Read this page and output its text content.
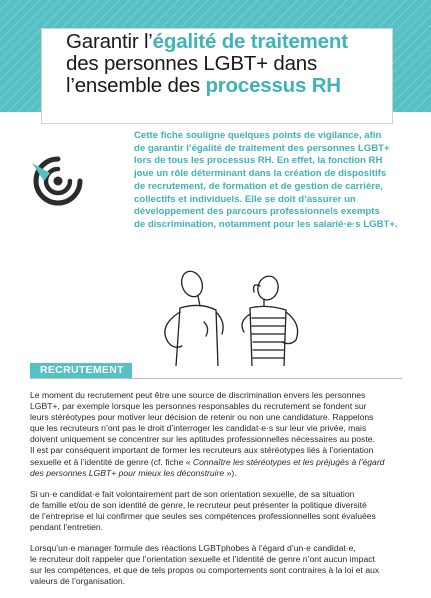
Garantir l’égalité de traitement
des personnes LGBT+ dans
l’ensemble des processus RH

Cette fiche souligne quelques points de vigilance, afin

de garantir l’égalité de traitement des personnes LGBT+

lors de tous les processus RH. En effet, la fonction RH

joue un rôle déterminant dans la création de dispositifs

de recrutement, de formation et de gestion de carrière,

collectifs et individuels. Elle se doit d’assurer un

développement des parcours professionnels exempts

de discrimination, notamment pour les salarié·e·s LGBT+.

RECRUTEMENT

Le moment du recrutement peut être une source de discrimination envers les personnes
LGBT+, par exemple lorsque les personnes responsables du recrutement se fondent sur
leurs stéréotypes pour motiver leur décision de retenir ou non une candidature. Rappelons
que les recruteurs n’ont pas le droit d’interroger les candidat·e·s sur leur vie privée, mais
doivent uniquement se concentrer sur les aptitudes professionnelles nécessaires au poste.
Il est par conséquent important de former les recruteurs aux stéréotypes liés à l’orientation
sexuelle et à l’identité de genre (cf. fiche « Connaître les stéréotypes et les préjugés à l’égard
des personnes LGBT+ pour mieux les déconstruire »).

Si un·e candidat·e fait volontairement part de son orientation sexuelle, de sa situation
de famille et/ou de son identité de genre, le recruteur peut présenter la politique diversité
de l’entreprise et lui confirmer que seules ses compétences professionnelles sont évaluées
pendant l’entretien.

Lorsqu’un·e manager formule des réactions LGBTphobes à l’égard d’un·e candidat·e,
le recruteur doit rappeler que l’orientation sexuelle et l’identité de genre n’ont aucun impact
sur les compétences, et que de tels propos ou comportements sont contraires à la loi et aux
valeurs de l’organisation.
